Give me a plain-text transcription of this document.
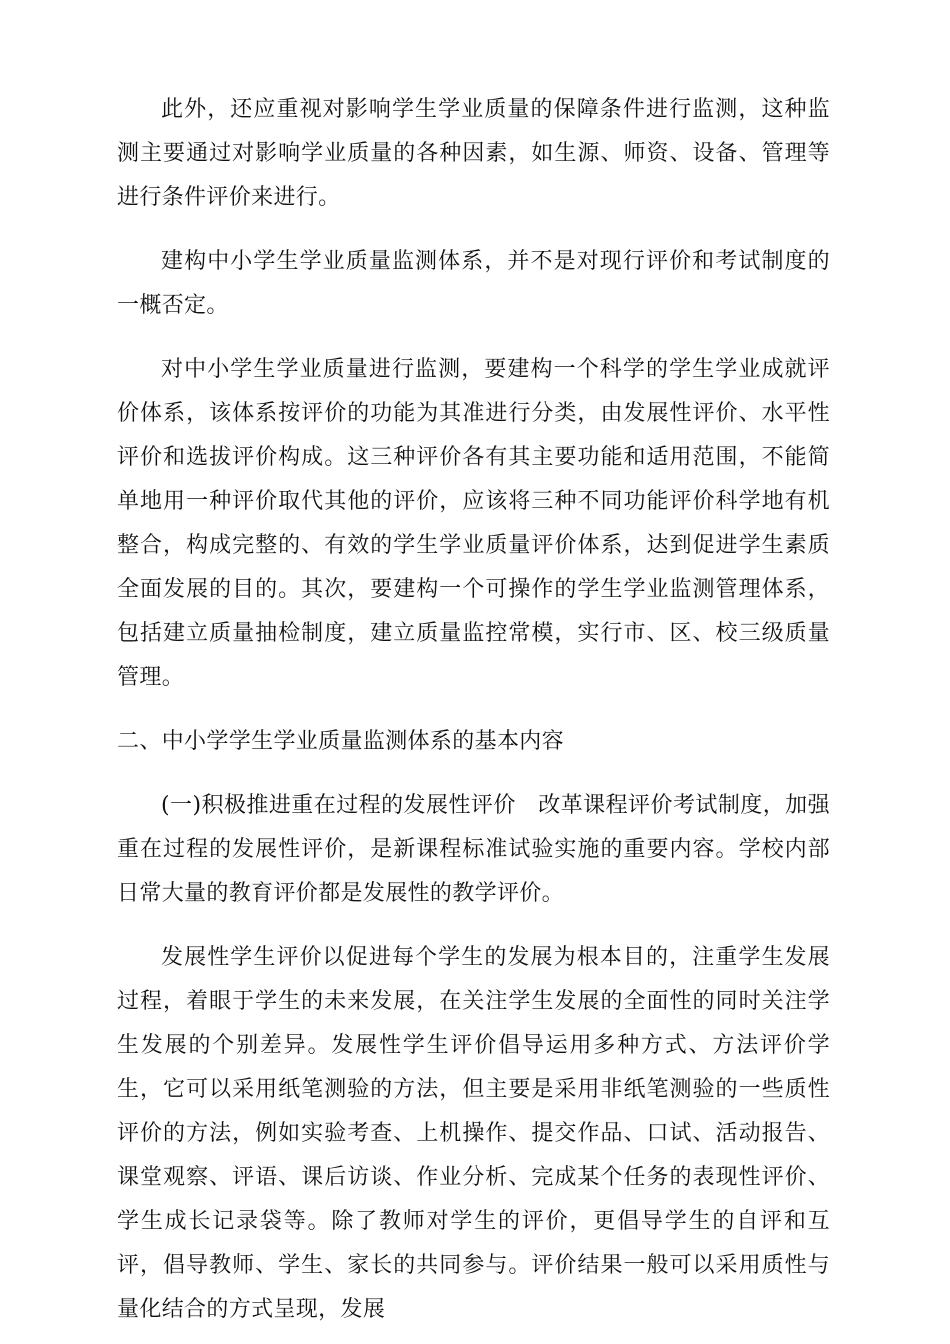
此外，还应重视对影响学生学业质量的保障条件进行监测，这种监测主要通过对影响学业质量的各种因素，如生源、师资、设备、管理等进行条件评价来进行。

建构中小学生学业质量监测体系，并不是对现行评价和考试制度的一概否定。

对中小学生学业质量进行监测，要建构一个科学的学生学业成就评价体系，该体系按评价的功能为其准进行分类，由发展性评价、水平性评价和选拔评价构成。这三种评价各有其主要功能和适用范围，不能简单地用一种评价取代其他的评价，应该将三种不同功能评价科学地有机整合，构成完整的、有效的学生学业质量评价体系，达到促进学生素质全面发展的目的。其次，要建构一个可操作的学生学业监测管理体系，包括建立质量抽检制度，建立质量监控常模，实行市、区、校三级质量管理。

二、中小学学生学业质量监测体系的基本内容

(一)积极推进重在过程的发展性评价　 改革课程评价考试制度，加强重在过程的发展性评价，是新课程标准试验实施的重要内容。学校内部日常大量的教育评价都是发展性的教学评价。

发展性学生评价以促进每个学生的发展为根本目的，注重学生发展过程，着眼于学生的未来发展，在关注学生发展的全面性的同时关注学生发展的个别差异。发展性学生评价倡导运用多种方式、方法评价学生，它可以采用纸笔测验的方法，但主要是采用非纸笔测验的一些质性评价的方法，例如实验考查、上机操作、提交作品、口试、活动报告、课堂观察、评语、课后访谈、作业分析、完成某个任务的表现性评价、学生成长记录袋等。除了教师对学生的评价，更倡导学生的自评和互评，倡导教师、学生、家长的共同参与。评价结果一般可以采用质性与量化结合的方式呈现，发展
